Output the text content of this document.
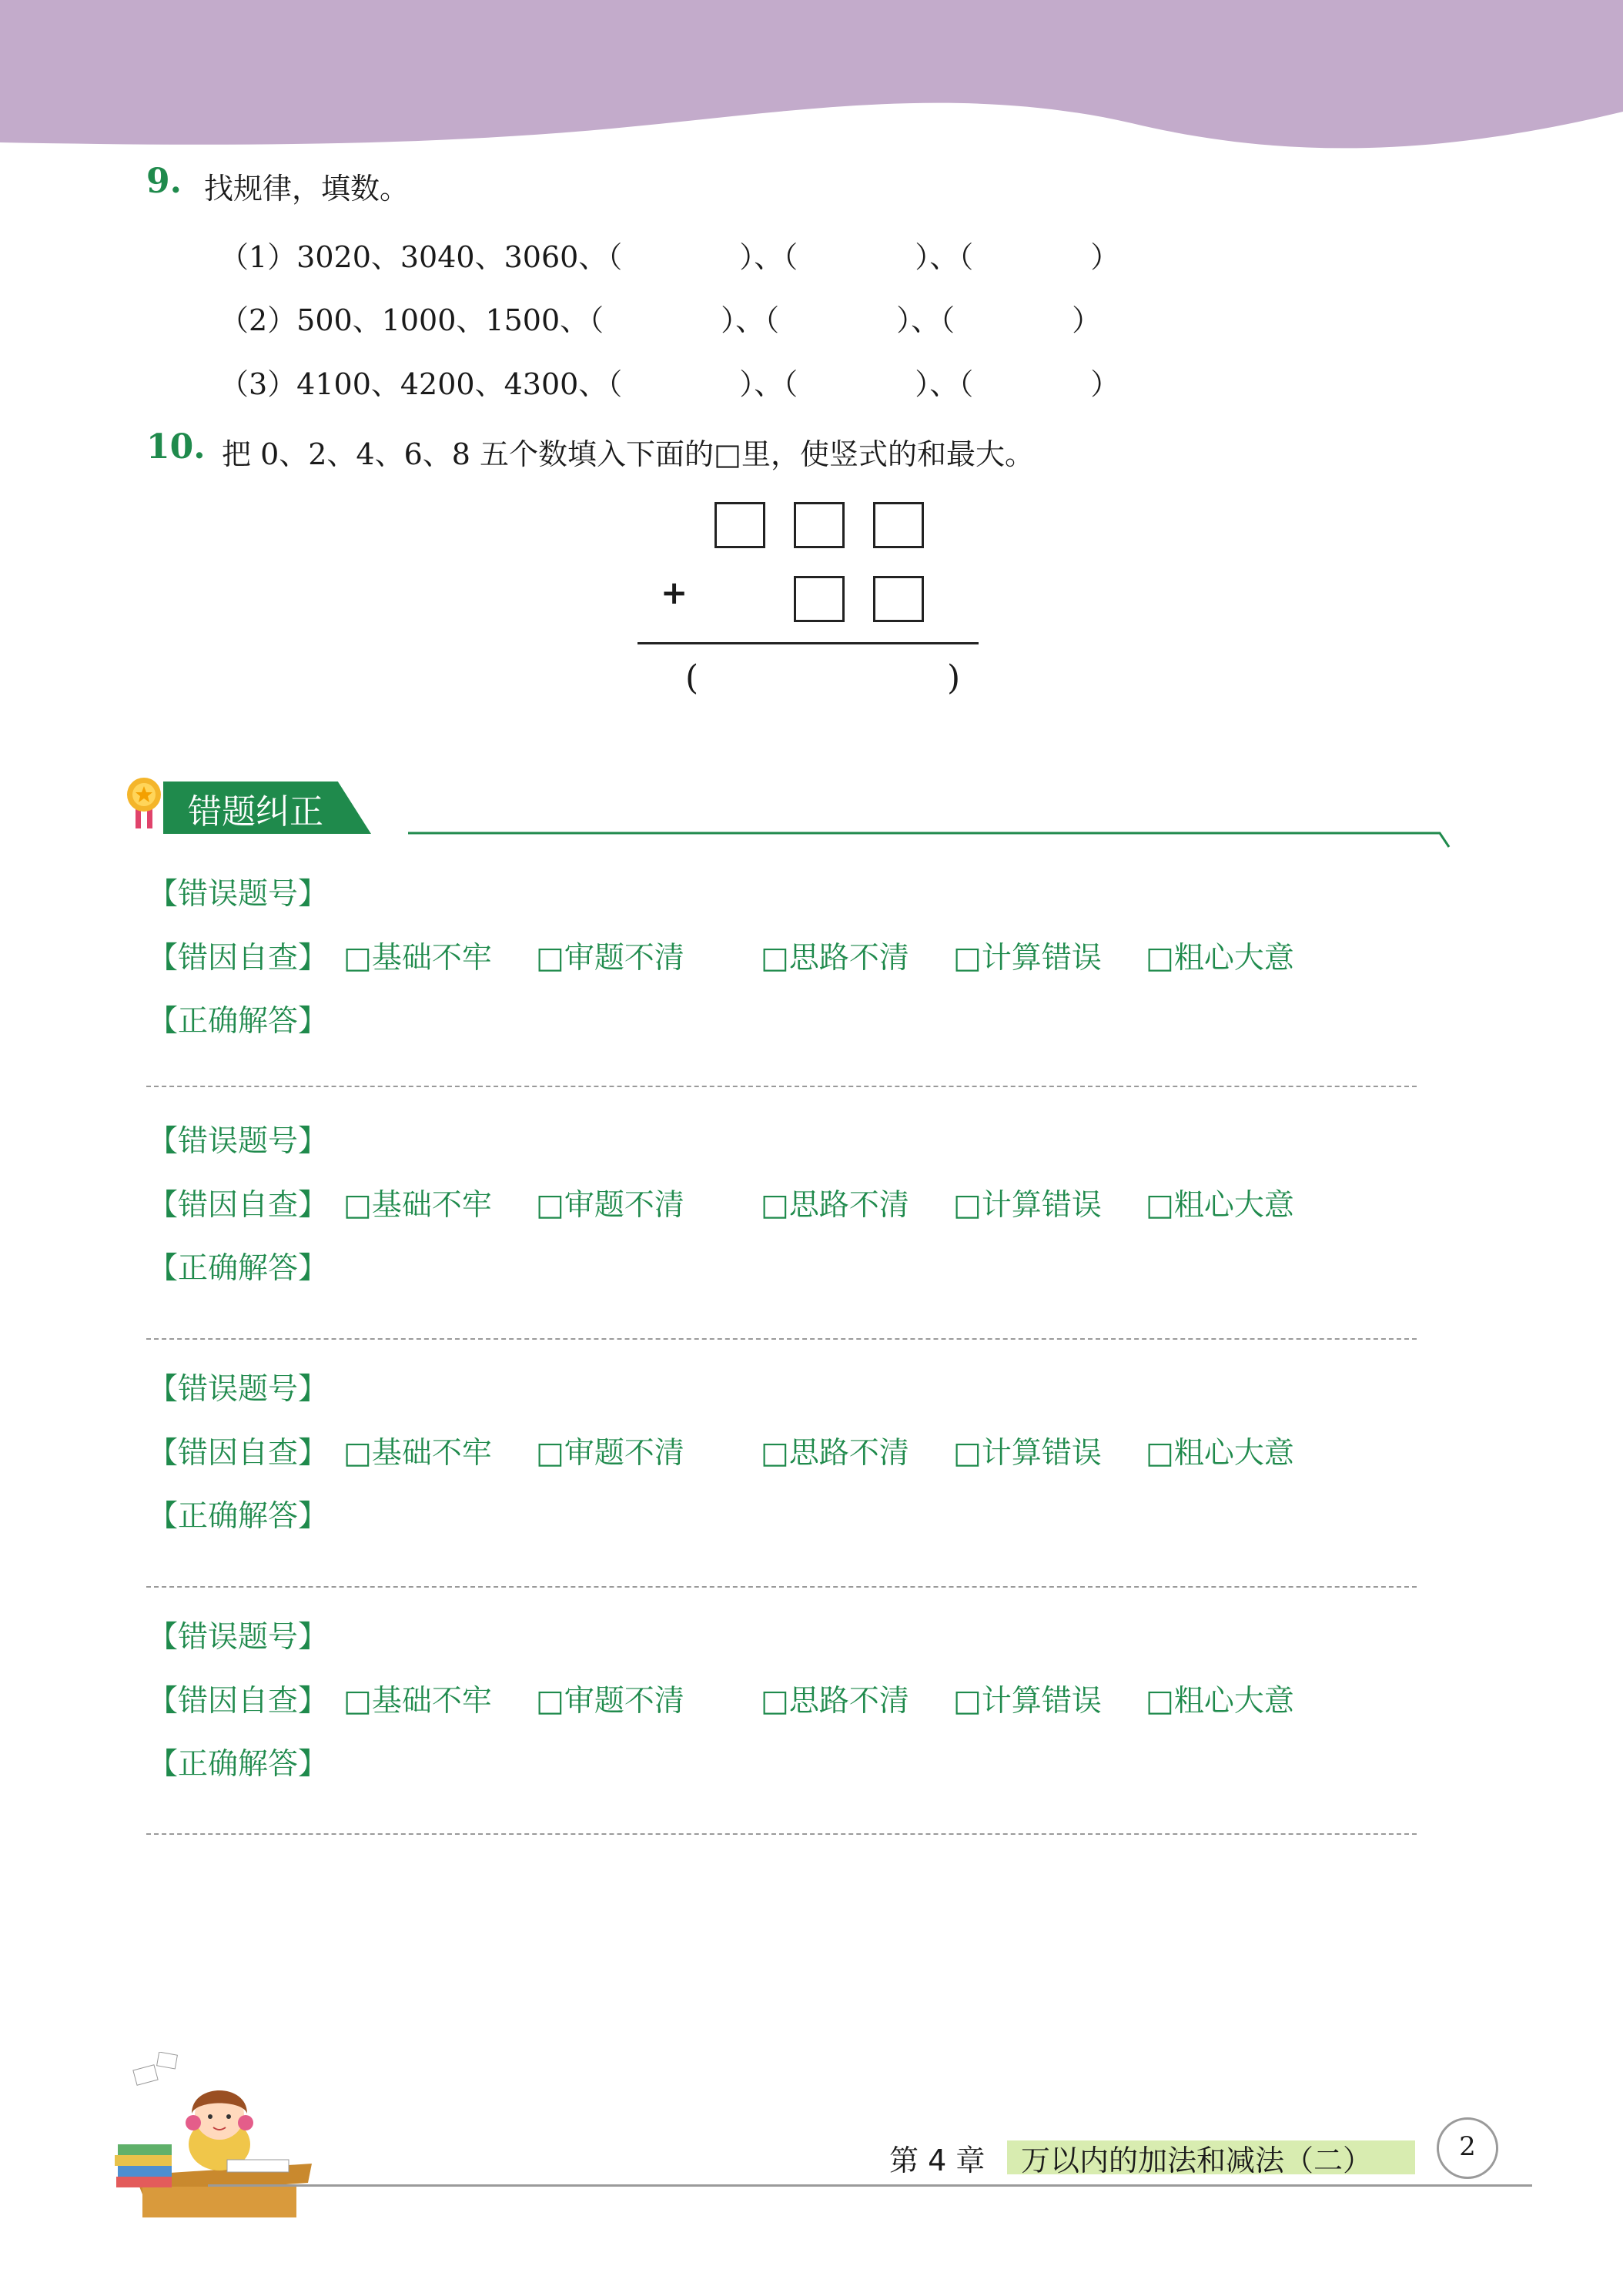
9. 找规律，填数。
（1）3020、3040、3060、（　　　　）、（　　　　）、（　　　　）
（2）500、1000、1500、（　　　　）、（　　　　）、（　　　　）
（3）4100、4200、4300、（　　　　）、（　　　　）、（　　　　）
10. 把 0、2、4、6、8 五个数填入下面的□里，使竖式的和最大。
+
(	)
错题纠正
【错误题号】
【错因自查】 □基础不牢 □审题不清	□思路不清 □计算错误 □粗心大意
【正确解答】
【错误题号】
【错因自查】 □基础不牢 □审题不清	□思路不清 □计算错误 □粗心大意
【正确解答】
【错误题号】
【错因自查】 □基础不牢 □审题不清	□思路不清 □计算错误 □粗心大意
【正确解答】
【错误题号】
【错因自查】 □基础不牢 □审题不清	□思路不清 □计算错误 □粗心大意
【正确解答】
第 4 章 万以内的加法和减法（二）	2
